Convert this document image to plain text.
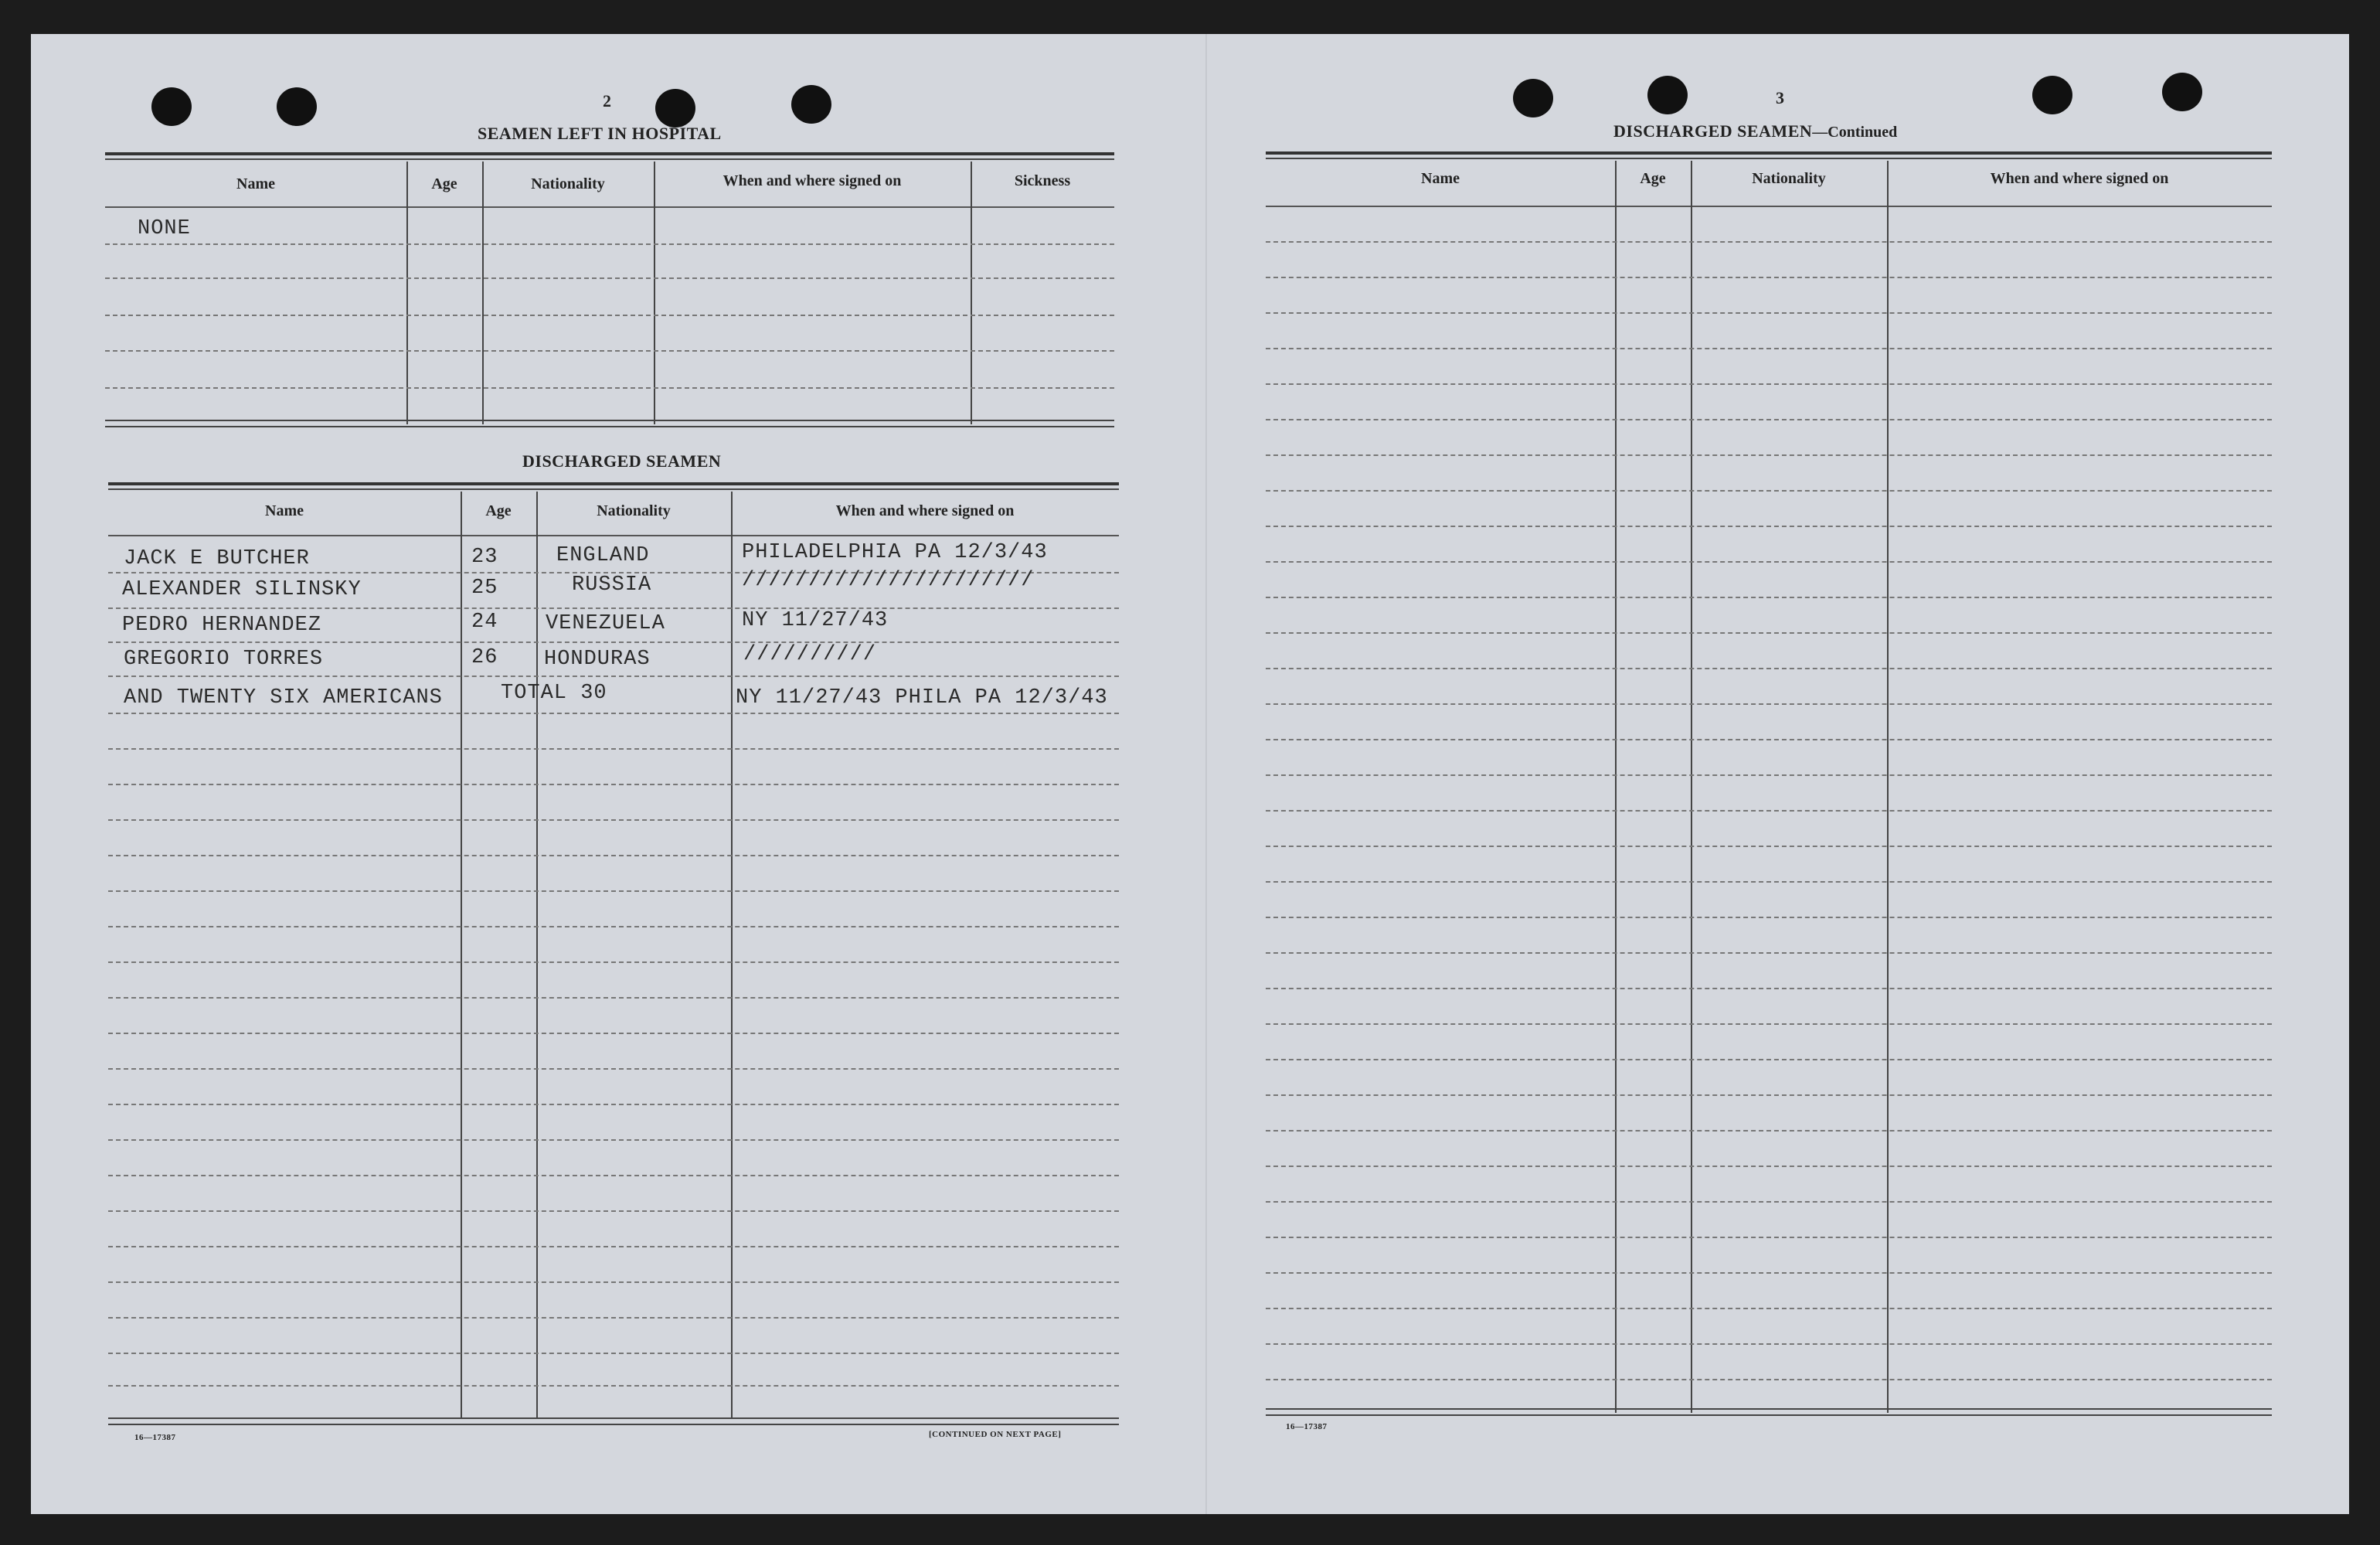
2
SEAMEN LEFT IN HOSPITAL
Name	Age	Nationality	When and where signed on	Sickness
NONE
DISCHARGED SEAMEN
Name	Age	Nationality	When and where signed on
JACK E BUTCHER	23	ENGLAND	PHILADELPHIA PA 12/3/43
ALEXANDER SILINSKY	25	RUSSIA	//////////////////////
PEDRO HERNANDEZ	24 VENEZUELA	NY 11/27/43
GREGORIO TORRES	26 HONDURAS	//////////
AND TWENTY SIX AMERICANS	TOTAL 30	NY 11/27/43 PHILA PA 12/3/43
16—17387	[CONTINUED ON NEXT PAGE]
3
DISCHARGED SEAMEN—Continued
Name	Age	Nationality	When and where signed on
16—17387
